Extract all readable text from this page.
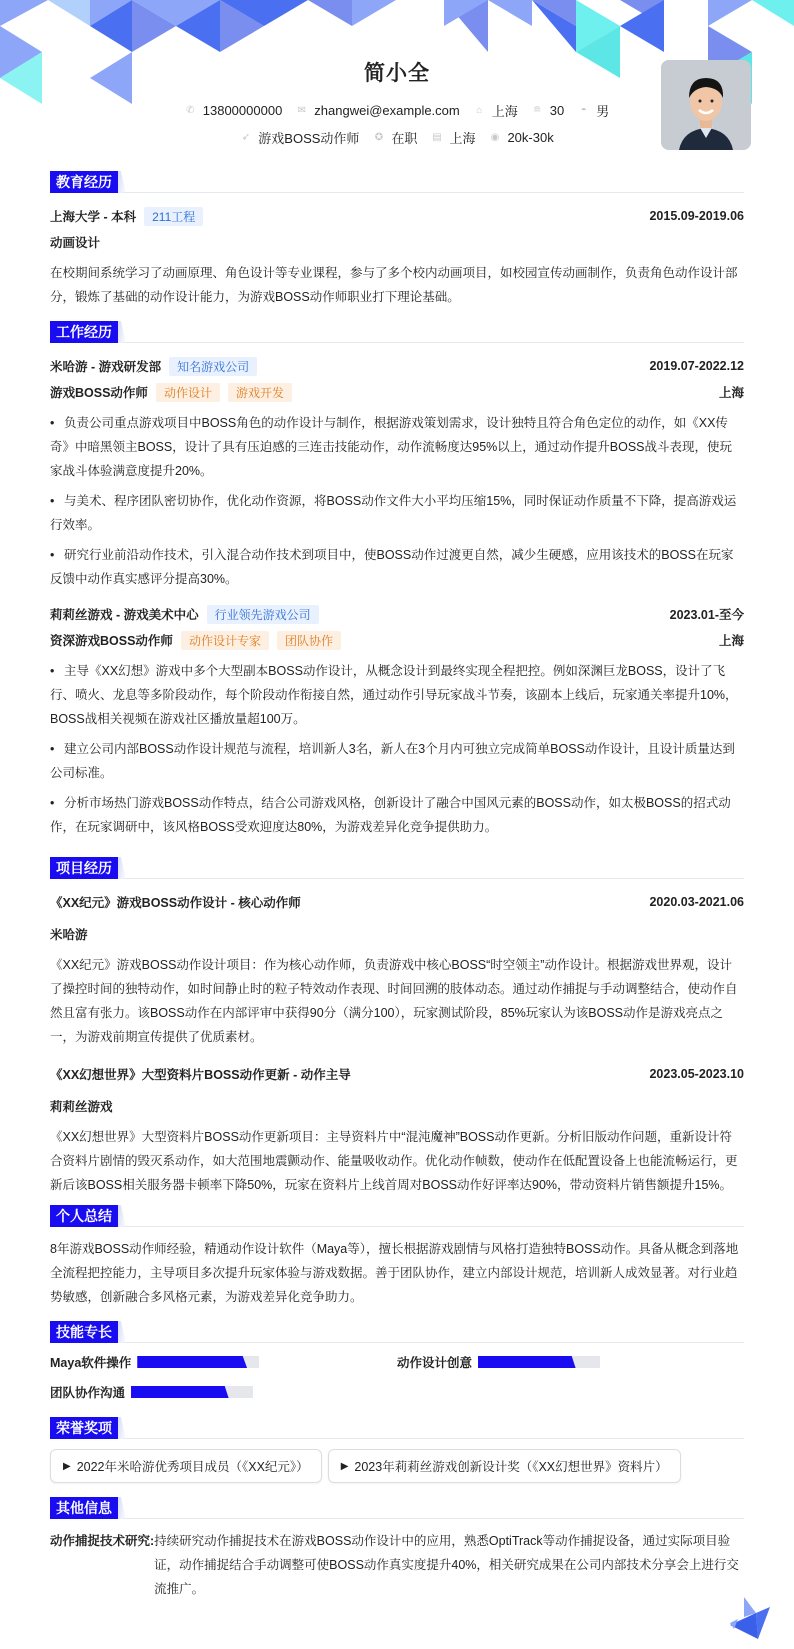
简小全
✆ 13800000000 ✉ zhangwei@example.com ⌂ 上海 ≘ 30 ◓ 男
➶ 游戏BOSS动作师 ✪ 在职 ▤ 上海 ◉ 20k-30k
教育经历
上海大学 - 本科	211工程	2015.09-2019.06
动画设计

在校期间系统学习了动画原理、角色设计等专业课程，参与了多个校内动画项目，如校园宣传动画制作，负责角色动作设计部分，锻炼了基础的动作设计能力，为游戏BOSS动作师职业打下理论基础。

工作经历
米哈游 - 游戏研发部	知名游戏公司	2019.07-2022.12
游戏BOSS动作师	动作设计	游戏开发	上海
• 负责公司重点游戏项目中BOSS角色的动作设计与制作，根据游戏策划需求，设计独特且符合角色定位的动作，如《XX传奇》中暗黑领主BOSS，设计了具有压迫感的三连击技能动作，动作流畅度达95%以上，通过动作提升BOSS战斗表现，使玩家战斗体验满意度提升20%。
• 与美术、程序团队密切协作，优化动作资源，将BOSS动作文件大小平均压缩15%，同时保证动作质量不下降，提高游戏运行效率。
• 研究行业前沿动作技术，引入混合动作技术到项目中，使BOSS动作过渡更自然，减少生硬感，应用该技术的BOSS在玩家反馈中动作真实感评分提高30%。
莉莉丝游戏 - 游戏美术中心	行业领先游戏公司	2023.01-至今
资深游戏BOSS动作师	动作设计专家	团队协作	上海
• 主导《XX幻想》游戏中多个大型副本BOSS动作设计，从概念设计到最终实现全程把控。例如深渊巨龙BOSS，设计了飞行、喷火、龙息等多阶段动作，每个阶段动作衔接自然，通过动作引导玩家战斗节奏，该副本上线后，玩家通关率提升10%，BOSS战相关视频在游戏社区播放量超100万。
• 建立公司内部BOSS动作设计规范与流程，培训新人3名，新人在3个月内可独立完成简单BOSS动作设计，且设计质量达到公司标准。
• 分析市场热门游戏BOSS动作特点，结合公司游戏风格，创新设计了融合中国风元素的BOSS动作，如太极BOSS的招式动作，在玩家调研中，该风格BOSS受欢迎度达80%，为游戏差异化竞争提供助力。
项目经历
《XX纪元》游戏BOSS动作设计 - 核心动作师	2020.03-2021.06
米哈游

《XX纪元》游戏BOSS动作设计项目：作为核心动作师，负责游戏中核心BOSS“时空领主”动作设计。根据游戏世界观，设计了操控时间的独特动作，如时间静止时的粒子特效动作表现、时间回溯的肢体动态。通过动作捕捉与手动调整结合，使动作自然且富有张力。该BOSS动作在内部评审中获得90分（满分100），玩家测试阶段，85%玩家认为该BOSS动作是游戏亮点之一，为游戏前期宣传提供了优质素材。

《XX幻想世界》大型资料片BOSS动作更新 - 动作主导	2023.05-2023.10
莉莉丝游戏

《XX幻想世界》大型资料片BOSS动作更新项目：主导资料片中“混沌魔神”BOSS动作更新。分析旧版动作问题，重新设计符合资料片剧情的毁灭系动作，如大范围地震颤动作、能量吸收动作。优化动作帧数，使动作在低配置设备上也能流畅运行，更新后该BOSS相关服务器卡顿率下降50%，玩家在资料片上线首周对BOSS动作好评率达90%，带动资料片销售额提升15%。

个人总结

8年游戏BOSS动作师经验，精通动作设计软件（Maya等），擅长根据游戏剧情与风格打造独特BOSS动作。具备从概念到落地全流程把控能力，主导项目多次提升玩家体验与游戏数据。善于团队协作，建立内部设计规范，培训新人成效显著。对行业趋势敏感，创新融合多风格元素，为游戏差异化竞争助力。

技能专长
Maya软件操作	动作设计创意
团队协作沟通
荣誉奖项
▶ 2022年米哈游优秀项目成员（《XX纪元》）	▶ 2023年莉莉丝游戏创新设计奖（《XX幻想世界》资料片）
其他信息
动作捕捉技术研究: 持续研究动作捕捉技术在游戏BOSS动作设计中的应用，熟悉OptiTrack等动作捕捉设备，通过实际项目验证，动作捕捉结合手动调整可使BOSS动作真实度提升40%，相关研究成果在公司内部技术分享会上进行交流推广。
